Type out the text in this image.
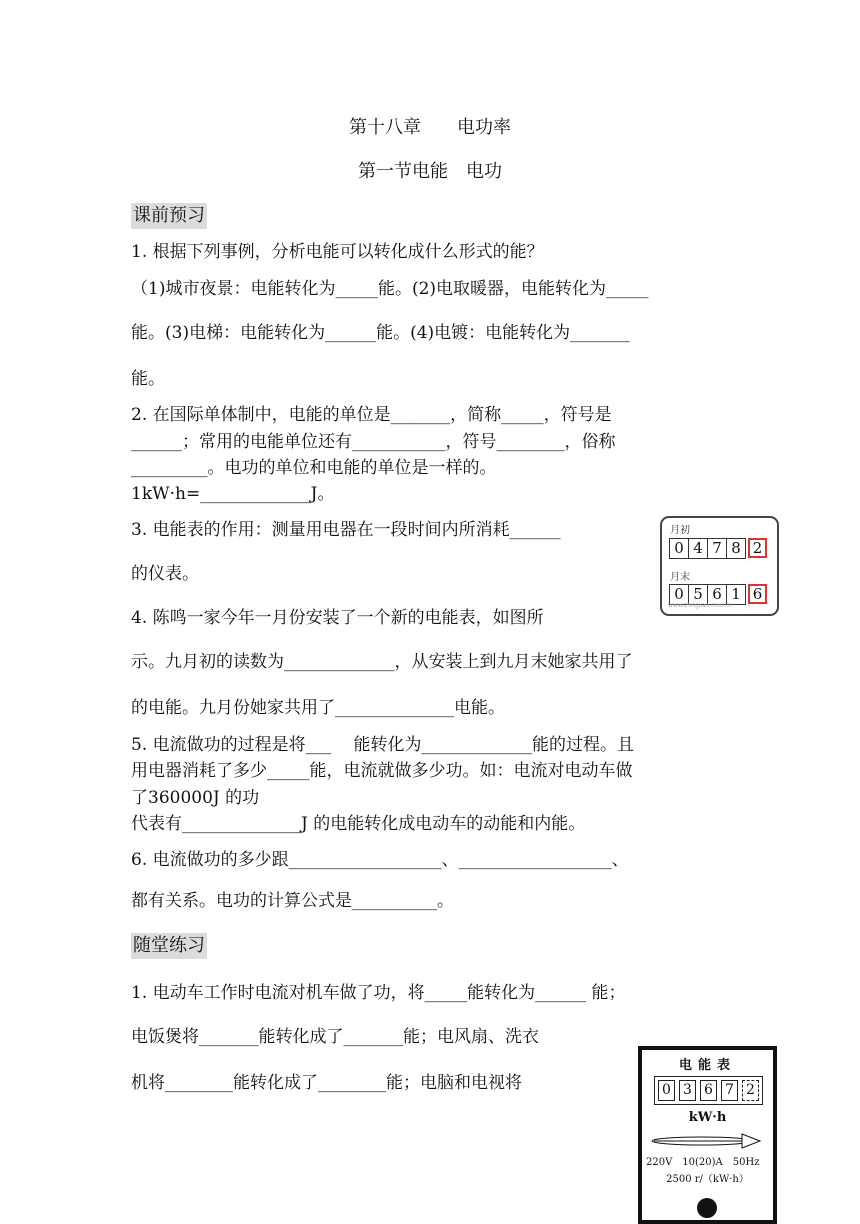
第十八章　　电功率
第一节电能　电功
课前预习
1. 根据下列事例，分析电能可以转化成什么形式的能？
（1)城市夜景：电能转化为_____能。(2)电取暖器，电能转化为_____
能。(3)电梯：电能转化为______能。(4)电镀：电能转化为_______
能。
2. 在国际单体制中，电能的单位是_______，简称_____，符号是
______；常用的电能单位还有___________，符号________，俗称
_________。电功的单位和电能的单位是一样的。
1kW·h=_____________J。
3. 电能表的作用：测量用电器在一段时间内所消耗______
的仪表。
4. 陈鸣一家今年一月份安装了一个新的电能表，如图所
示。九月初的读数为_____________，从安装上到九月末她家共用了
的电能。九月份她家共用了______________电能。
5. 电流做功的过程是将___　 能转化为_____________能的过程。且
用电器消耗了多少_____能，电流就做多少功。如：电流对电动车做
了360000J 的功
代表有______________J 的电能转化成电动车的动能和内能。
6. 电流做功的多少跟__________________、__________________、
都有关系。电功的计算公式是__________。
随堂练习
1. 电动车工作时电流对机车做了功，将_____能转化为______ 能；
电饭煲将_______能转化成了_______能；电风扇、洗衣
机将________能转化成了________能；电脑和电视将
月初
0 4 7 8 2
月末
0 5 6 1 6
www.zhngkao.com.cn
电能表
0 3 6 7 2
kW·h
220V　10(20)A　50Hz
2500 r/（kW·h）
